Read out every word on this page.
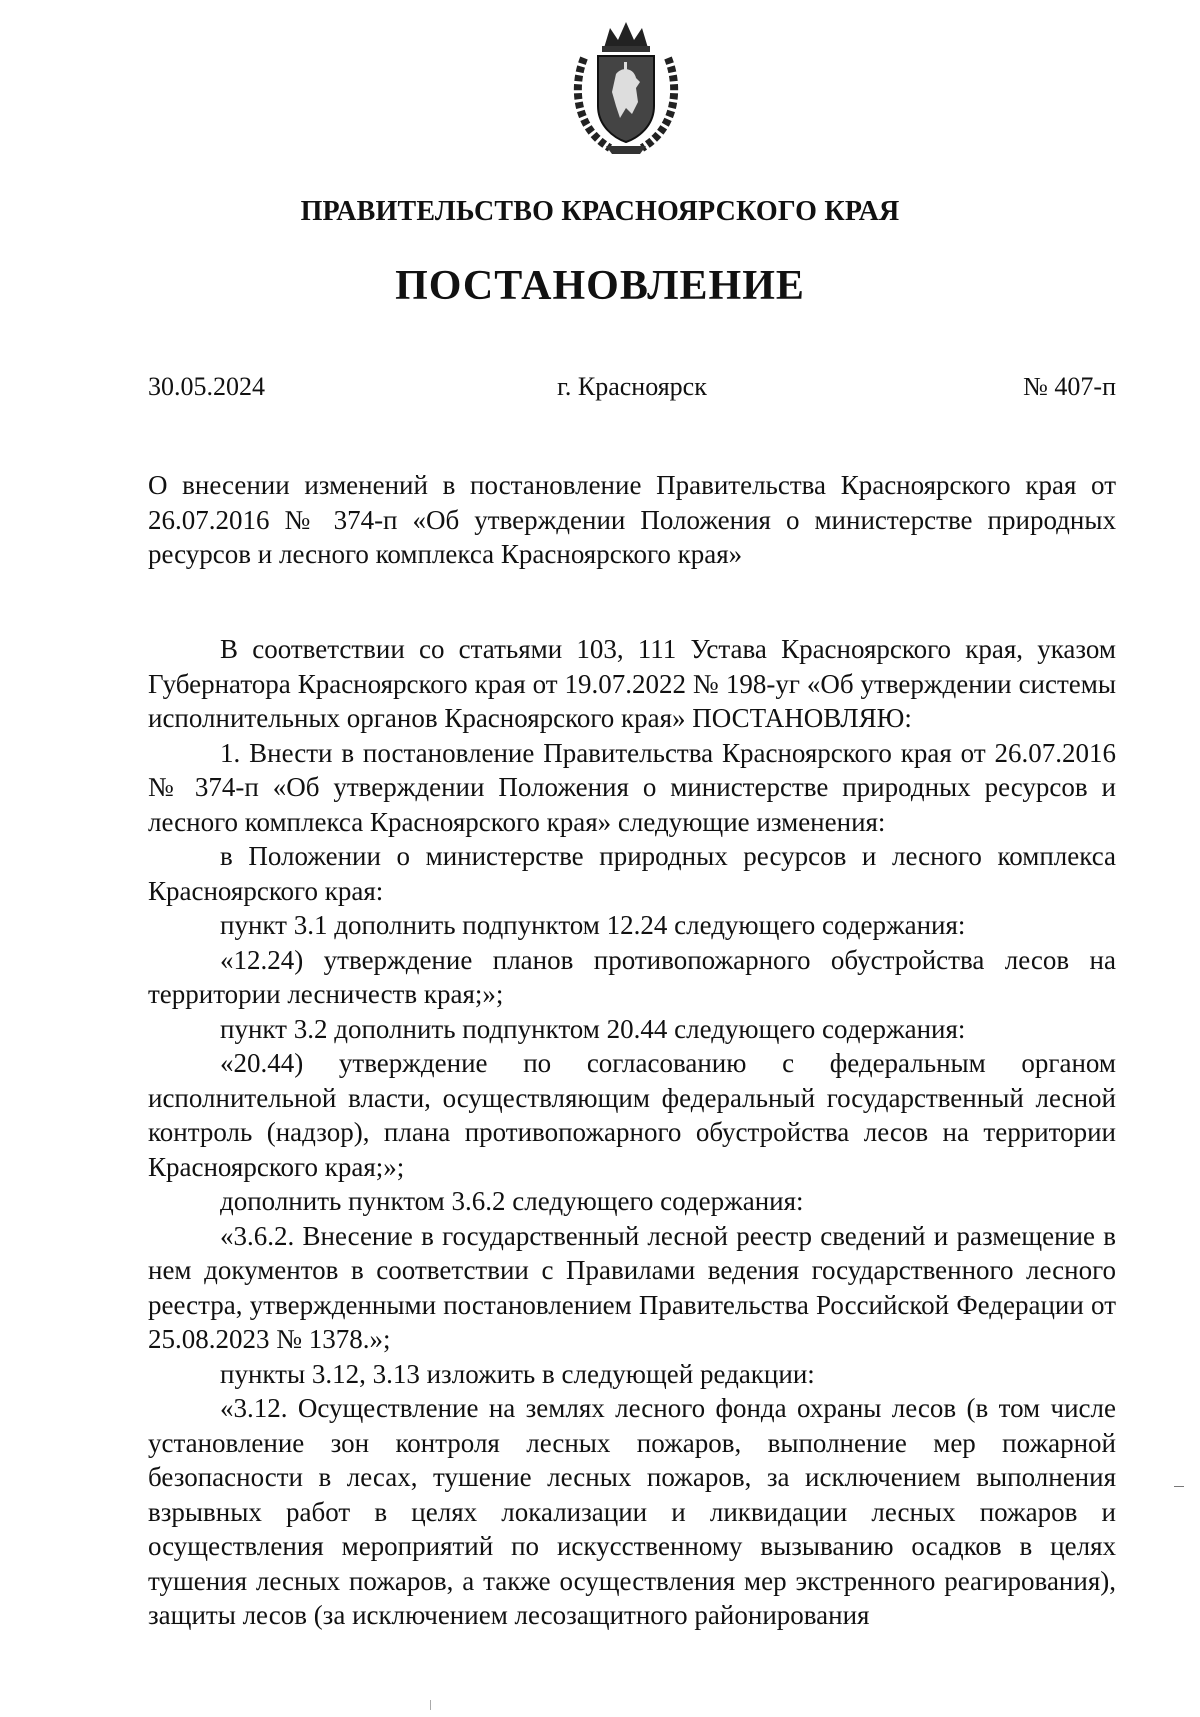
ПРАВИТЕЛЬСТВО КРАСНОЯРСКОГО КРАЯ
ПОСТАНОВЛЕНИЕ
30.05.2024	г. Красноярск	№ 407-п
О внесении изменений в постановление Правительства Красноярского края от 26.07.2016 № 374-п «Об утверждении Положения о министерстве природных ресурсов и лесного комплекса Красноярского края»

В соответствии со статьями 103, 111 Устава Красноярского края, указом Губернатора Красноярского края от 19.07.2022 № 198-уг «Об утверждении системы исполнительных органов Красноярского края» ПОСТАНОВЛЯЮ:

1. Внести в постановление Правительства Красноярского края от 26.07.2016 № 374-п «Об утверждении Положения о министерстве природных ресурсов и лесного комплекса Красноярского края» следующие изменения:

в Положении о министерстве природных ресурсов и лесного комплекса Красноярского края:

пункт 3.1 дополнить подпунктом 12.24 следующего содержания:

«12.24) утверждение планов противопожарного обустройства лесов на территории лесничеств края;»;

пункт 3.2 дополнить подпунктом 20.44 следующего содержания:

«20.44) утверждение по согласованию с федеральным органом исполнительной власти, осуществляющим федеральный государственный лесной контроль (надзор), плана противопожарного обустройства лесов на территории Красноярского края;»;

дополнить пунктом 3.6.2 следующего содержания:

«3.6.2. Внесение в государственный лесной реестр сведений и размещение в нем документов в соответствии с Правилами ведения государственного лесного реестра, утвержденными постановлением Правительства Российской Федерации от 25.08.2023 № 1378.»;

пункты 3.12, 3.13 изложить в следующей редакции:

«3.12. Осуществление на землях лесного фонда охраны лесов (в том числе установление зон контроля лесных пожаров, выполнение мер пожарной безопасности в лесах, тушение лесных пожаров, за исключением выполнения взрывных работ в целях локализации и ликвидации лесных пожаров и осуществления мероприятий по искусственному вызыванию осадков в целях тушения лесных пожаров, а также осуществления мер экстренного реагирования), защиты лесов (за исключением лесозащитного районирования
